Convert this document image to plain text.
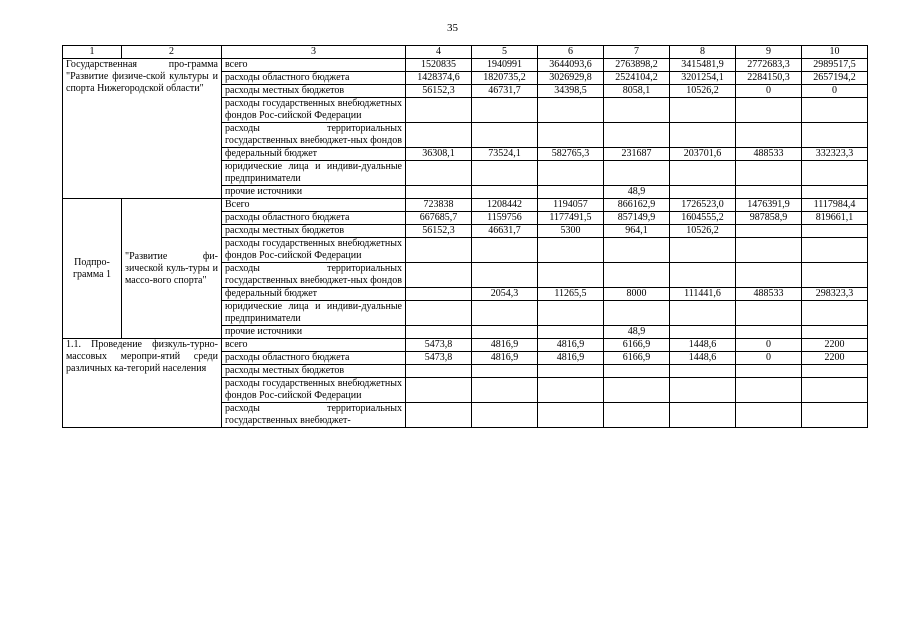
35
1	2	3	4	5	6	7	8	9	10
Государственная про-грамма "Развитие физиче-ской культуры и спорта Нижегородской области"		всего	1520835	1940991	3644093,6	2763898,2	3415481,9	2772683,3	2989517,5
		расходы областного бюджета	1428374,6	1820735,2	3026929,8	2524104,2	3201254,1	2284150,3	2657194,2
		расходы местных бюджетов	56152,3	46731,7	34398,5	8058,1	10526,2	0	0
		расходы государственных внебюджетных фондов Рос-сийской Федерации							
		расходы территориальных государственных внебюджет-ных фондов							
		федеральный бюджет	36308,1	73524,1	582765,3	231687	203701,6	488533	332323,3
		юридические лица и индиви-дуальные предприниматели							
		прочие источники				48,9			
Подпро-грамма 1	"Развитие фи-зической куль-туры и массо-вого спорта"	Всего	723838	1208442	1194057	866162,9	1726523,0	1476391,9	1117984,4
		расходы областного бюджета	667685,7	1159756	1177491,5	857149,9	1604555,2	987858,9	819661,1
		расходы местных бюджетов	56152,3	46631,7	5300	964,1	10526,2		
		расходы государственных внебюджетных фондов Рос-сийской Федерации							
		расходы территориальных государственных внебюджет-ных фондов							
		федеральный бюджет		2054,3	11265,5	8000	111441,6	488533	298323,3
		юридические лица и индиви-дуальные предприниматели							
		прочие источники				48,9			
1.1. Проведение физкуль-турно-массовых меропри-ятий среди различных ка-тегорий населения		всего	5473,8	4816,9	4816,9	6166,9	1448,6	0	2200
		расходы областного бюджета	5473,8	4816,9	4816,9	6166,9	1448,6	0	2200
		расходы местных бюджетов							
		расходы государственных внебюджетных фондов Рос-сийской Федерации							
		расходы территориальных государственных внебюджет-							
